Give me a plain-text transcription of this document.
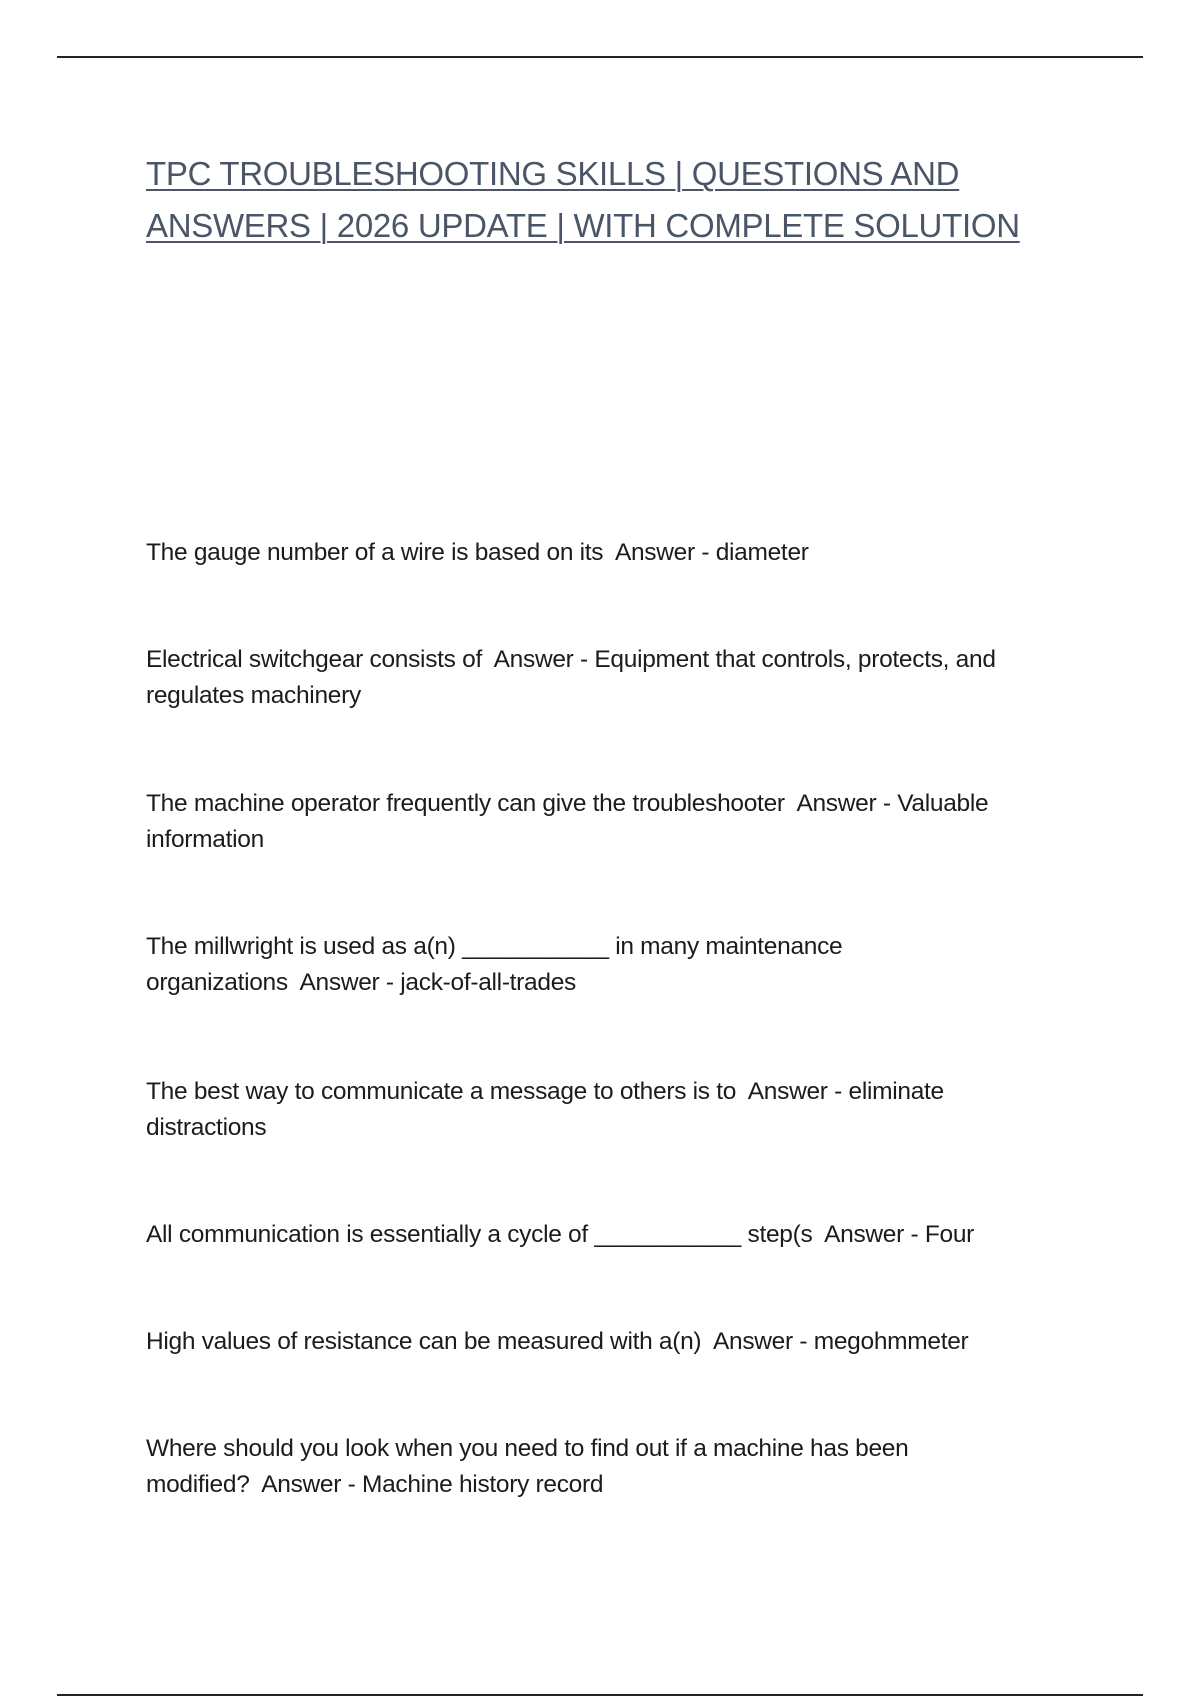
TPC TROUBLESHOOTING SKILLS | QUESTIONS AND ANSWERS | 2026 UPDATE | WITH COMPLETE SOLUTION

The gauge number of a wire is based on its Answer - diameter

Electrical switchgear consists of Answer - Equipment that controls, protects, and regulates machinery

The machine operator frequently can give the troubleshooter Answer - Valuable information

The millwright is used as a(n) ___________ in many maintenance organizations Answer - jack-of-all-trades

The best way to communicate a message to others is to Answer - eliminate distractions

All communication is essentially a cycle of ___________ step(s Answer - Four

High values of resistance can be measured with a(n) Answer - megohmmeter

Where should you look when you need to find out if a machine has been modified? Answer - Machine history record
